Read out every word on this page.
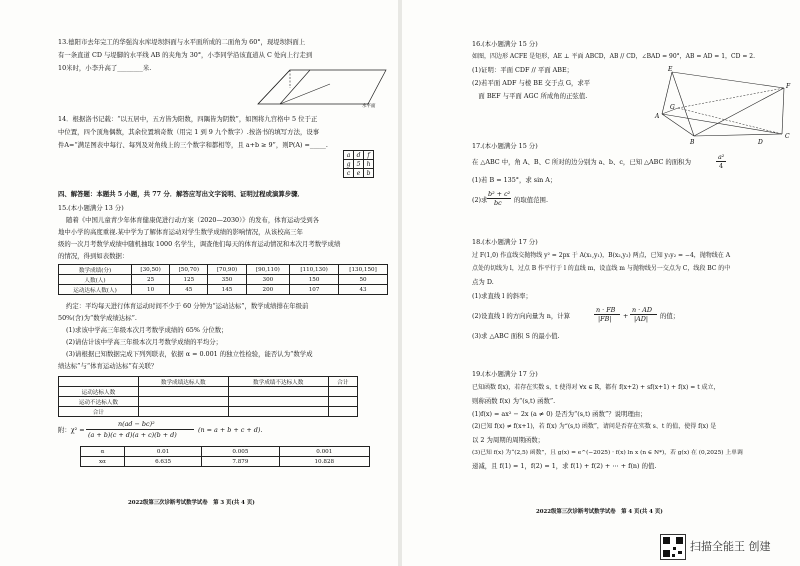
13.德阳市去年完工的华强沟水库堤坝斜面与水平面所成的二面角为 60°，现堤坝斜面上
有一条直道 CD 与堤脚的水平线 AB 的夹角为 30°，小李同学沿该直道从 C 处向上行走到
10米时，小李升高了________米.
水平面
14．根据洛书记载：“以五居中，五方皆为阳数，四隅皆为阴数”，如图将九宫格中 5 位于正
中位置，四个顶角偶数，其余位置填奇数（用完 1 到 9 九个数字）.按洛书的填写方法，设事
件A=“满足图表中每行、每列及对角线上的三个数字和都相等，且 a+b ≥ 9”，则P(A) =_____.
a	d	f
g	5	h
c	e	b
四、解答题：本题共 5 小题，共 77 分．解答应写出文字说明、证明过程或演算步骤．
15.(本小题满分 13 分)
随着《中国儿童青少年体育健康促进行动方案（2020—2030）》的发布，体育运动受到各
地中小学的高度重视.某中学为了解体育运动对学生数学成绩的影响情况，从该校高三年
级的一次月考数学成绩中随机抽取 1000 名学生，调查他们每天的体育运动情况和本次月考数学成绩
的情况，得到如表数据：
数学成绩(分)	[30,50)	[50,70)	[70,90)	[90,110)	[110,130)	[130,150]
人数(人)	25	125	350	300	150	50
运动达标人数(人)	10	45	145	200	107	43
约定：平均每天进行体育运动时间不少于 60 分钟为“运动达标”，数学成绩排在年级前
50%(含)为“数学成绩达标”.
(1)求该中学高三年级本次月考数学成绩的 65% 分位数；
(2)请估计该中学高三年级本次月考数学成绩的平均分；
(3)请根据已知数据完成下列列联表，依据 α = 0.001 的独立性检验，能否认为“数学成
绩达标”与“体育运动达标”有关联？
	数学成绩达标人数	数学成绩不达标人数	合计
运动达标人数			
运动不达标人数			
合计			
附：χ² =
n(ad − bc)²
(a + b)(c + d)(a + c)(b + d)
(n = a + b + c + d).
α	0.01	0.005	0.001
xα	6.635	7.879	10.828
2022级第三次诊断考试数学试卷　第 3 页(共 4 页)
16.(本小题满分 15 分)
如图，四边形 ACFE 是矩形，AE ⊥ 平面 ABCD，AB // CD，∠BAD = 90°，AB = AD = 1，CD = 2.
(1)证明：平面 CDF // 平面 ABE；
(2)若平面 ADF 与棱 BE 交于点 G，求平
　面 BEF 与平面 AGC 所成角的正弦值.
E
F
G
A
B	D
C
17.(本小题满分 15 分)
在 △ABC 中，角 A、B、C 所对的边分别为 a、b、c，已知 △ABC 的面积为
a²
4
(1)若 B = 135°，求 sin A；
(2)求
b² + c²
bc 的取值范围.
18.(本小题满分 17 分)
过 F(1,0) 作直线交抛物线 y² = 2px 于 A(x₁,y₁)，B(x₂,y₂) 两点，已知 y₁y₂ = −4，抛物线在 A
点处的切线为 l，过点 B 作平行于 l 的直线 m，设直线 m 与抛物线另一交点为 C，线段 BC 的中
点为 D.
(1)求直线 l 的斜率；
(2)设直线 l 的方向向量为 n，计算
n · FB
|FB| +
n · AD
|AD| 的值；
(3)求 △ABC 面积 S 的最小值.
19.(本小题满分 17 分)
已知函数 f(x)，若存在实数 s、t 使得对 ∀x ∈ R，都有 f(x+2) + sf(x+1) + f(x) = t 成立，
则称函数 f(x) 为“(s,t) 函数”.
(1)f(x) = ax² − 2x (a ≠ 0) 是否为“(s,t) 函数”？说明理由；
(2)已知 f(x) ≠ f(x+1)，若 f(x) 为“(s,t) 函数”，请问是否存在实数 s、t 的值，使得 f(x) 是
以 2 为周期的周期函数；
(3)已知 f(x) 为“(2,5) 函数”，且 g(x) = e^(−2025) · f(x) ln x (n ∈ N*)，若 g(x) 在 (0,2025) 上单调
递减，且 f(1) = 1，f(2) = 1，求 f(1) + f(2) + ⋯ + f(n) 的值.
2022级第三次诊断考试数学试卷　第 4 页(共 4 页)
扫描全能王 创建
